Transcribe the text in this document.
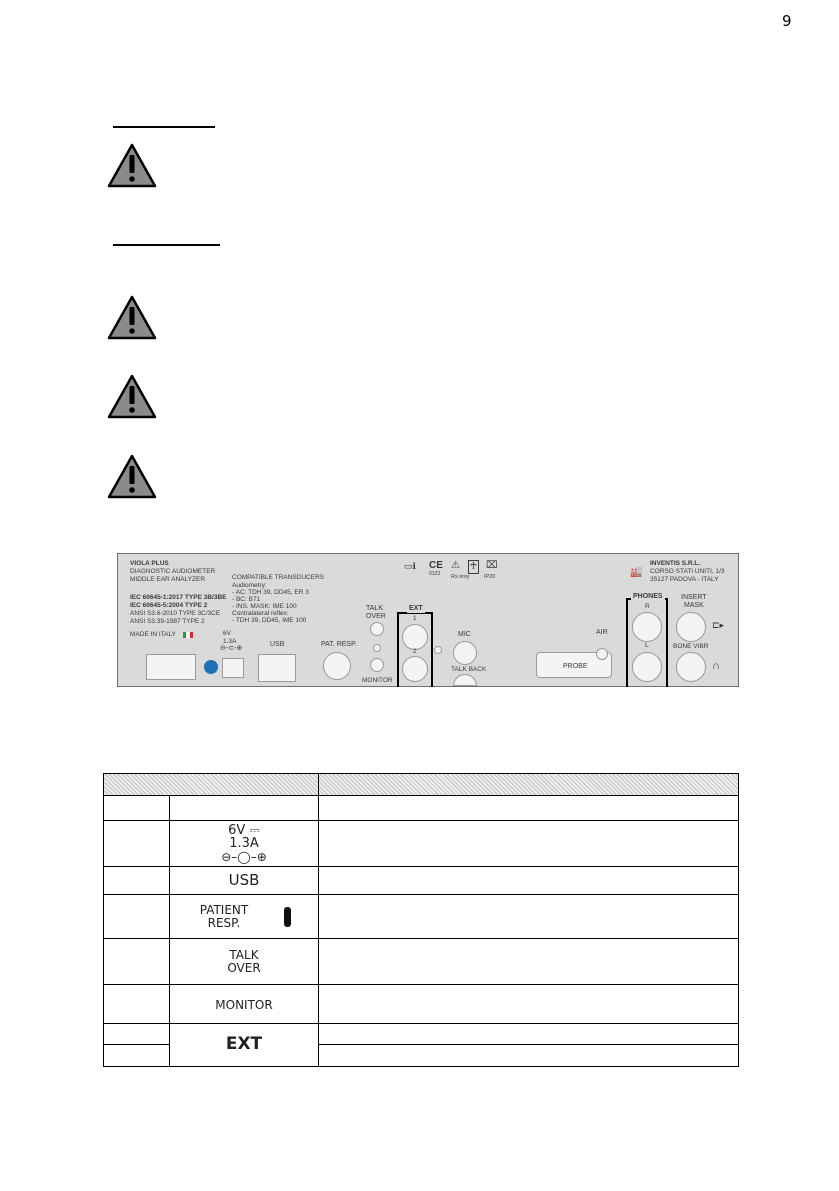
9
VIOLA PLUS
DIAGNOSTIC AUDIOMETER
MIDDLE EAR ANALYZER
IEC 60645-1:2017 TYPE 3B/3BE
IEC 60645-5:2004 TYPE 2
ANSI S3.6-2010 TYPE 3C/3CE
ANSI S3.39-1987 TYPE 2
MADE IN ITALY
COMPATIBLE TRANSDUCERS
Audiometry:
- AC: TDH 39, DD45, ER 3
- BC: B71
- INS. MASK: IME 100
Contralateral reflex:
- TDH 39, DD45, IME 100
6V
1.3A
⊖-⊂-⊕
USB	PAT. RESP.
TALK
OVER
MONITOR
EXT
1
2
MIC
TALK BACK
▭ℹ CE
0123
⚠
Rx only
♰ ⌧
IP20
PROBE
AIR
PHONES
R
L
🏭
INVENTIS S.R.L.
CORSO STATI UNITI, 1/3
35127 PADOVA - ITALY
INSERT
MASK
⊏▸
BONE VIBR
∩

	6V ⎓
1.3A
⊖–◯–⊕	

	USB	

	PATIENT
RESP.	

	TALK
OVER	

	MONITOR	
	EXT	
